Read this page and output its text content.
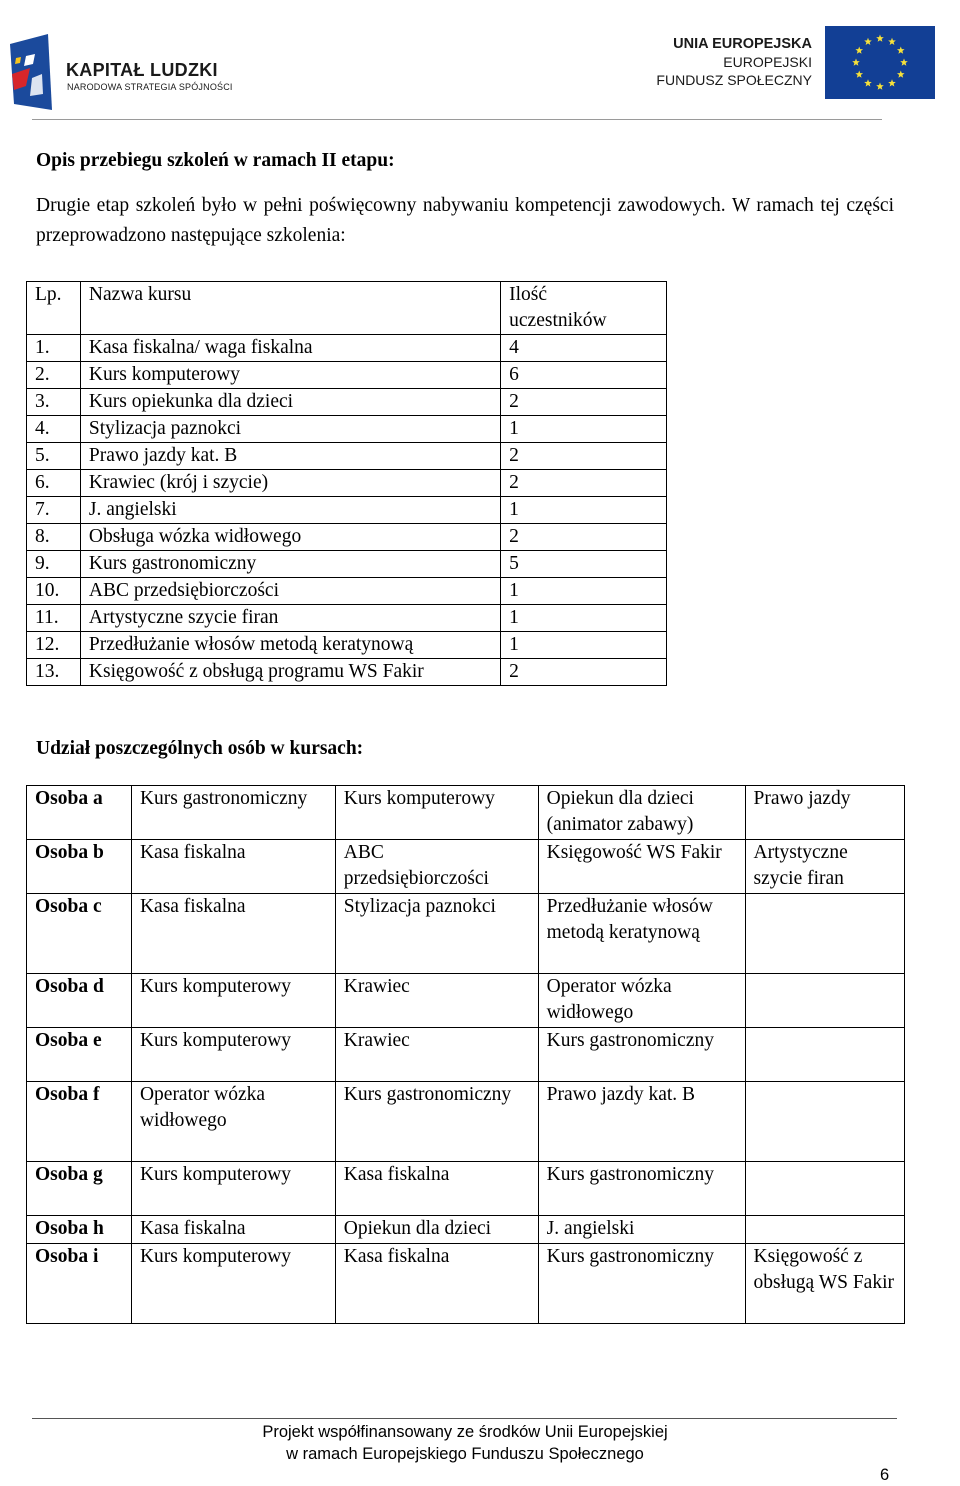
KAPITAŁ LUDZKI
NARODOWA STRATEGIA SPÓJNOŚCI
UNIA EUROPEJSKA
EUROPEJSKI
FUNDUSZ SPOŁECZNY
Opis przebiegu szkoleń w ramach II etapu:
Drugie etap szkoleń było w pełni poświęcowny nabywaniu kompetencji zawodowych. W ramach tej części przeprowadzono następujące szkolenia:
Lp.	Nazwa kursu	Ilość
uczestników
1.	Kasa fiskalna/ waga fiskalna	4
2.	Kurs komputerowy	6
3.	Kurs opiekunka dla dzieci	2
4.	Stylizacja paznokci	1
5.	Prawo jazdy kat. B	2
6.	Krawiec (krój i szycie)	2
7.	J. angielski	1
8.	Obsługa wózka widłowego	2
9.	Kurs gastronomiczny	5
10.	ABC przedsiębiorczości	1
11.	Artystyczne szycie firan	1
12.	Przedłużanie włosów metodą keratynową	1
13.	Księgowość z obsługą programu WS Fakir	2
Udział poszczególnych osób w kursach:
Osoba a	Kurs gastronomiczny	Kurs komputerowy	Opiekun dla dzieci (animator zabawy)	Prawo jazdy
Osoba b	Kasa fiskalna	ABC przedsiębiorczości	Księgowość WS Fakir	Artystyczne szycie firan
Osoba c	Kasa fiskalna	Stylizacja paznokci	Przedłużanie włosów metodą keratynową	
Osoba d	Kurs komputerowy	Krawiec	Operator wózka widłowego	
Osoba e	Kurs komputerowy	Krawiec	Kurs gastronomiczny	
Osoba f	Operator wózka widłowego	Kurs gastronomiczny	Prawo jazdy kat. B	
Osoba g	Kurs komputerowy	Kasa fiskalna	Kurs gastronomiczny	
Osoba h	Kasa fiskalna	Opiekun dla dzieci	J. angielski	
Osoba i	Kurs komputerowy	Kasa fiskalna	Kurs gastronomiczny	Księgowość z obsługą WS Fakir
Projekt współfinansowany ze środków Unii Europejskiej
w ramach Europejskiego Funduszu Społecznego
6
